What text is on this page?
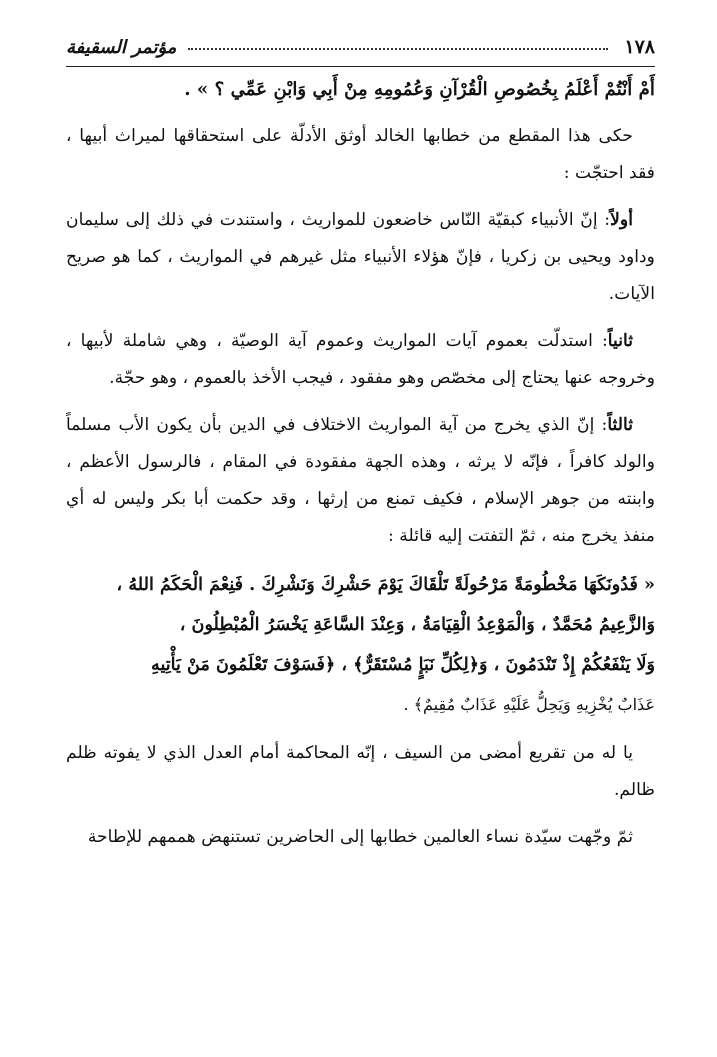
١٧٨
مؤتمر السقيفة

أَمْ أَنْتُمْ أَعْلَمُ بِخُصُوصِ الْقُرْآنِ وَعُمُومِهِ مِنْ أَبِي وَابْنِ عَمِّي ؟ » .

حكى هذا المقطع من خطابها الخالد أوثق الأدلّة على استحقاقها لميراث أبيها ، فقد احتجّت :

أولاً: إنّ الأنبياء كبقيّة النّاس خاضعون للمواريث ، واستندت في ذلك إلى سليمان وداود ويحيى بن زكريا ، فإنّ هؤلاء الأنبياء مثل غيرهم في المواريث ، كما هو صريح الآيات.

ثانياً: استدلّت بعموم آيات المواريث وعموم آية الوصيّة ، وهي شاملة لأبيها ، وخروجه عنها يحتاج إلى مخصّص وهو مفقود ، فيجب الأخذ بالعموم ، وهو حجّة.

ثالثاً: إنّ الذي يخرج من آية المواريث الاختلاف في الدين بأن يكون الأب مسلماً والولد كافراً ، فإنّه لا يرثه ، وهذه الجهة مفقودة في المقام ، فالرسول الأعظم ، وابنته من جوهر الإسلام ، فكيف تمنع من إرثها ، وقد حكمت أبا بكر وليس له أي منفذ يخرج منه ، ثمّ التفتت إليه قائلة :

« فَدُونَكَهَا مَخْطُومَةً مَرْحُولَةً تَلْقَاكَ يَوْمَ حَشْرِكَ وَنَشْرِكَ . فَنِعْمَ الْحَكَمُ اللهُ ،
وَالزَّعِيمُ مُحَمَّدٌ ، وَالْمَوْعِدُ الْقِيَامَةُ ، وَعِنْدَ السَّاعَةِ يَخْسَرُ الْمُبْطِلُونَ ،
وَلَا يَنْفَعُكُمْ إِذْ تَنْدَمُونَ ، وَ﴿لِكُلِّ نَبَإٍ مُسْتَقَرٌّ﴾ ، ﴿فَسَوْفَ تَعْلَمُونَ مَنْ يَأْتِيهِ
عَذَابٌ يُخْزِيهِ وَيَحِلُّ عَلَيْهِ عَذَابٌ مُقِيمٌ﴾ .

يا له من تقريع أمضى من السيف ، إنّه المحاكمة أمام العدل الذي لا يفوته ظلم ظالم.

ثمّ وجّهت سيّدة نساء العالمين خطابها إلى الحاضرين تستنهض هممهم للإطاحة
